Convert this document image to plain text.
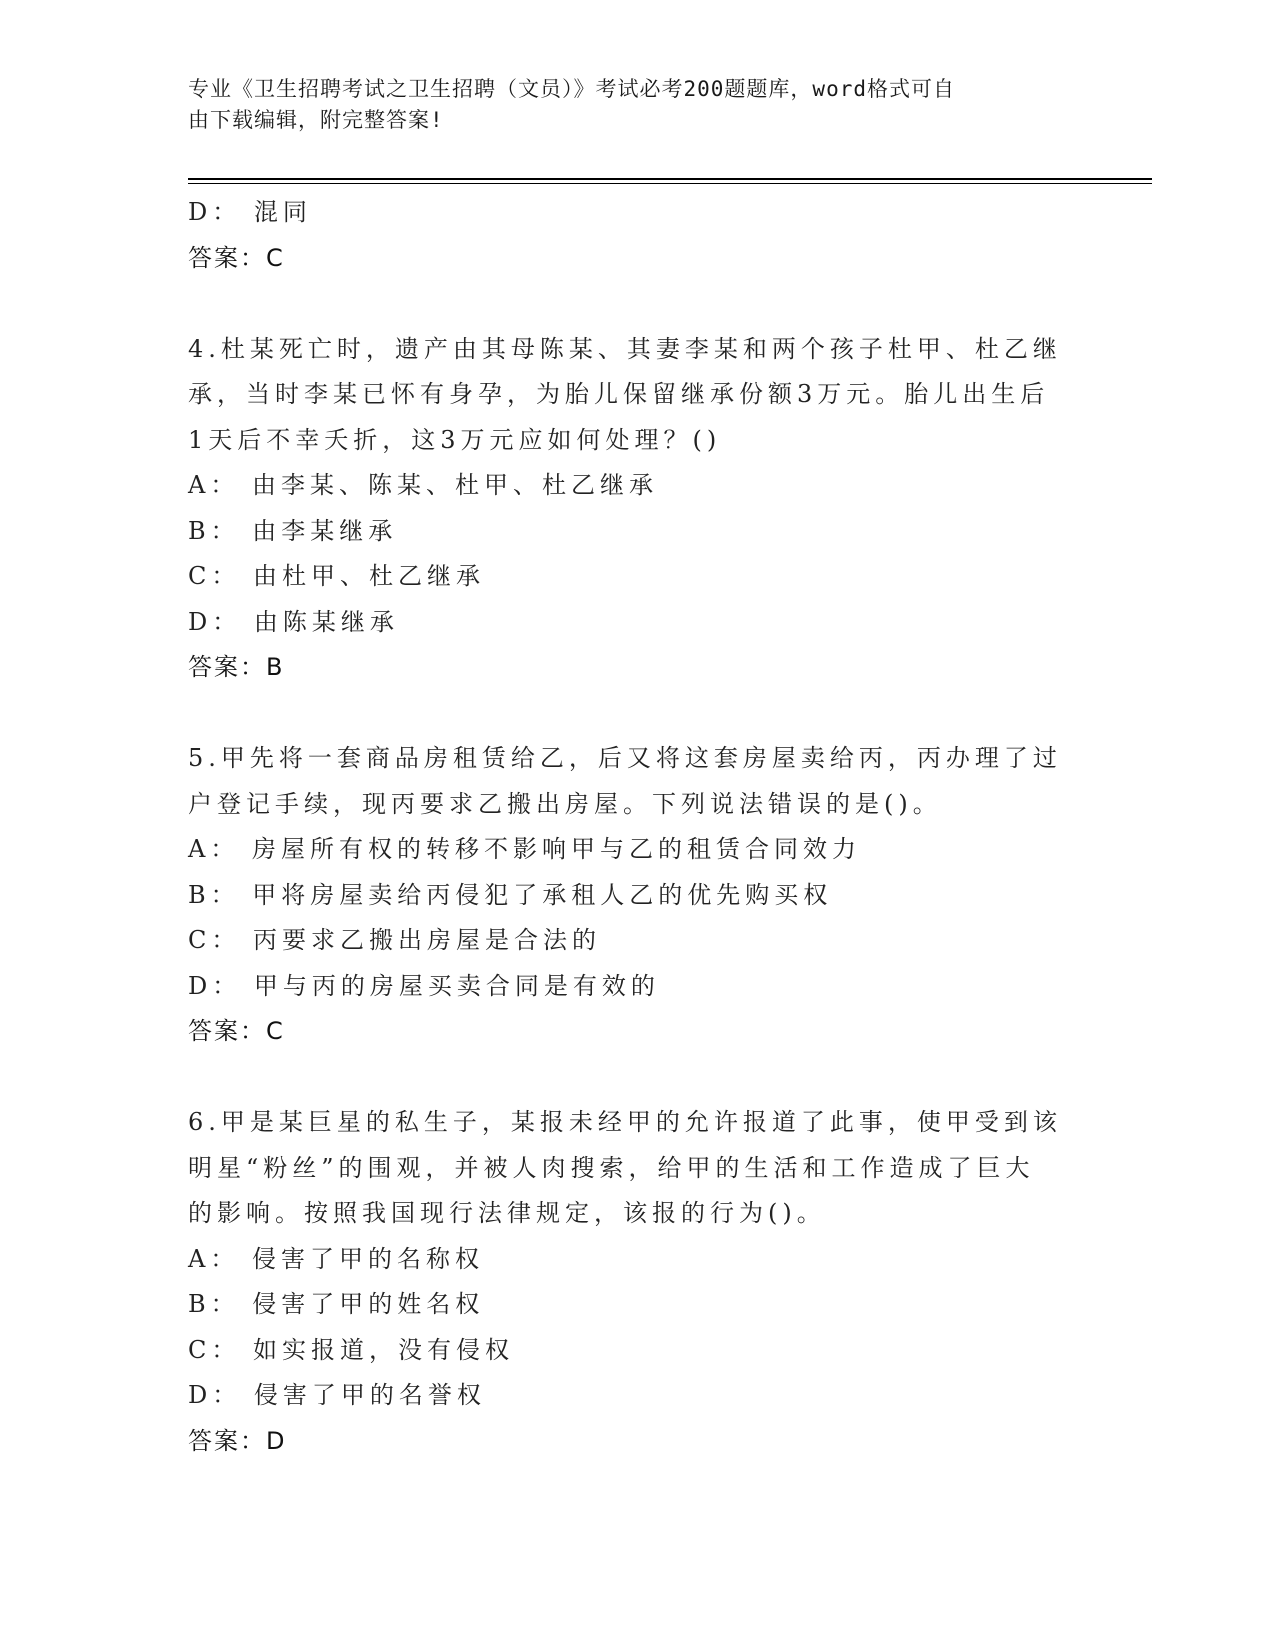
专业《卫生招聘考试之卫生招聘（文员）》考试必考200题题库，word格式可自
由下载编辑，附完整答案!
D： 混同
答案：C
4.杜某死亡时，遗产由其母陈某、其妻李某和两个孩子杜甲、杜乙继
承，当时李某已怀有身孕，为胎儿保留继承份额3万元。胎儿出生后
1天后不幸夭折，这3万元应如何处理？()
A： 由李某、陈某、杜甲、杜乙继承
B： 由李某继承
C： 由杜甲、杜乙继承
D： 由陈某继承
答案：B
5.甲先将一套商品房租赁给乙，后又将这套房屋卖给丙，丙办理了过
户登记手续，现丙要求乙搬出房屋。下列说法错误的是()。
A： 房屋所有权的转移不影响甲与乙的租赁合同效力
B： 甲将房屋卖给丙侵犯了承租人乙的优先购买权
C： 丙要求乙搬出房屋是合法的
D： 甲与丙的房屋买卖合同是有效的
答案：C
6.甲是某巨星的私生子，某报未经甲的允许报道了此事，使甲受到该
明星“粉丝”的围观，并被人肉搜索，给甲的生活和工作造成了巨大
的影响。按照我国现行法律规定，该报的行为()。
A： 侵害了甲的名称权
B： 侵害了甲的姓名权
C： 如实报道，没有侵权
D： 侵害了甲的名誉权
答案：D
